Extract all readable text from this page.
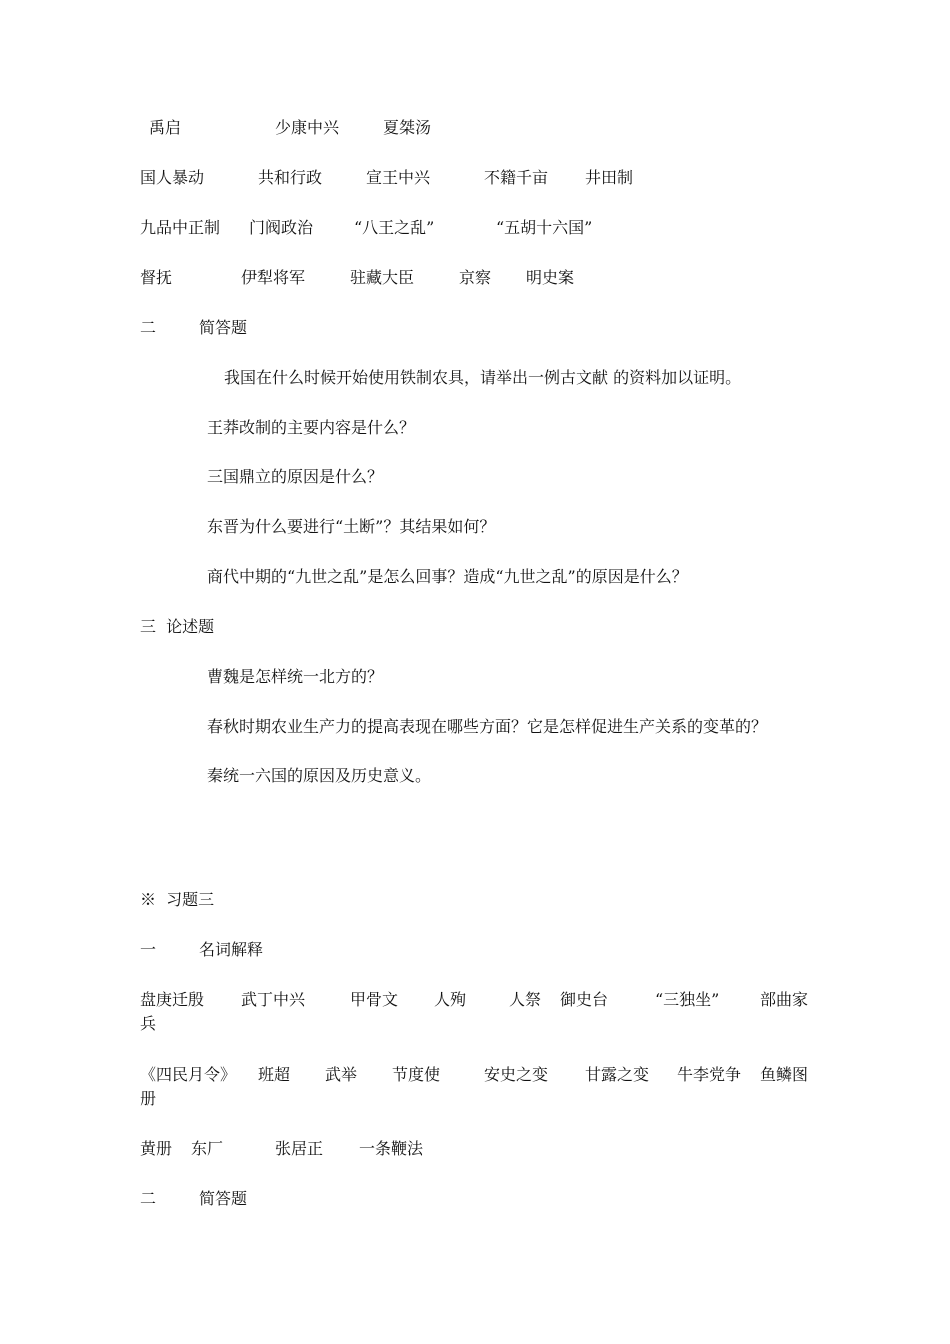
禹启	少康中兴	夏桀汤
国人暴动	共和行政	宣王中兴	不籍千亩 井田制
九品中正制 门阀政治	“八王之乱”	“五胡十六国”
督抚	伊犁将军	驻藏大臣	京察 明史案
二	简答题
我国在什么时候开始使用铁制农具，请举出一例古文献 的资料加以证明。
王莽改制的主要内容是什么？
三国鼎立的原因是什么？
东晋为什么要进行“土断”？其结果如何？
商代中期的“九世之乱”是怎么回事？造成“九世之乱”的原因是什么？
三  论述题
曹魏是怎样统一北方的？
春秋时期农业生产力的提高表现在哪些方面？它是怎样促进生产关系的变革的？
秦统一六国的原因及历史意义。
※  习题三
一	名词解释
盘庚迁殷 武丁中兴	甲骨文 人殉	人祭 御史台	“三独坐”	部曲家
兵
《四民月令》 班超 武举 节度使	安史之变 甘露之变 牛李党争 鱼鳞图
册
黄册 东厂	张居正 一条鞭法
二	简答题
